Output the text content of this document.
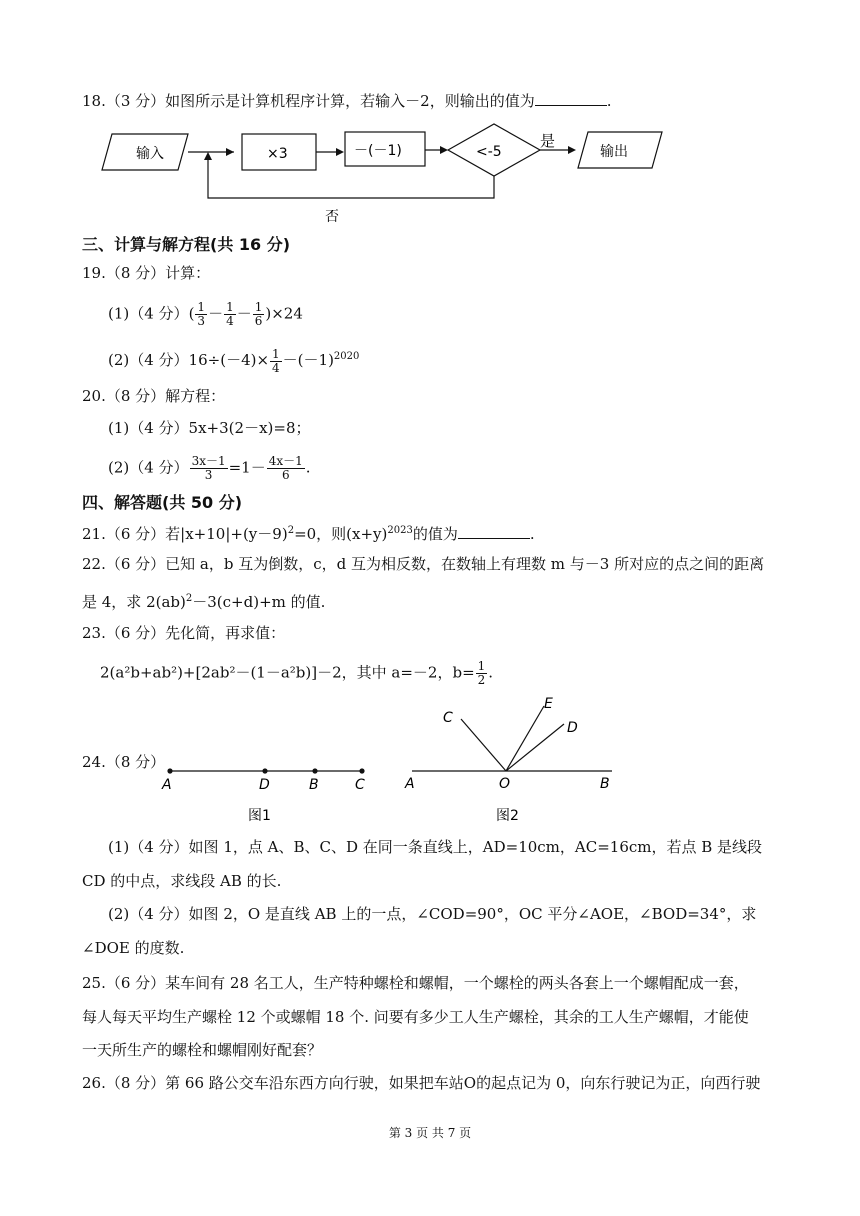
18.（3 分）如图所示是计算机程序计算，若输入－2，则输出的值为	.
输入	×3	－(－1)	<-5
是
输出
否
三、计算与解方程(共 16 分)
19.（8 分）计算：
(1)（4 分）( $\frac{1}{3} - \frac{1}{4} - \frac{1}{6} )\times 24$
(2)（4 分）$16\div(-4)\times \frac{1}{4} -(-1)^{2020}$
20.（8 分）解方程：
(1)（4 分）5x+3(2－x)=8；
(2)（4 分） $\frac{3x-1}{3} =1- \frac{4x-1}{6}$ .
四、解答题(共 50 分)
21.（6 分）若$|x+10|+(y-9)^2=0$，则$(x+y)^{2023}$的值为	.
22.（6 分）已知 a，b 互为倒数，c，d 互为相反数，在数轴上有理数 m 与－3 所对应的点之间的距离
是 4，求 2(ab)$^2$－3(c+d)+m 的值.
23.（6 分）先化简，再求值：
2(a²b+ab²)+[2ab²－(1－a²b)]－2，其中 a=－2，$b= \frac{1}{2}$ .
24.（8 分）
A	D	B	C
图1
A	O	B
C
E
D
图2
(1)（4 分）如图 1，点 A、B、C、D 在同一条直线上，AD=10cm，AC=16cm，若点 B 是线段
CD 的中点，求线段 AB 的长.
(2)（4 分）如图 2，O 是直线 AB 上的一点，∠COD=90°，OC 平分∠AOE，∠BOD=34°，求
∠DOE 的度数.
25.（6 分）某车间有 28 名工人，生产特种螺栓和螺帽，一个螺栓的两头各套上一个螺帽配成一套，
每人每天平均生产螺栓 12 个或螺帽 18 个. 问要有多少工人生产螺栓，其余的工人生产螺帽，才能使
一天所生产的螺栓和螺帽刚好配套？
26.（8 分）第 66 路公交车沿东西方向行驶，如果把车站O的起点记为 0，向东行驶记为正，向西行驶
第 3 页 共 7 页
